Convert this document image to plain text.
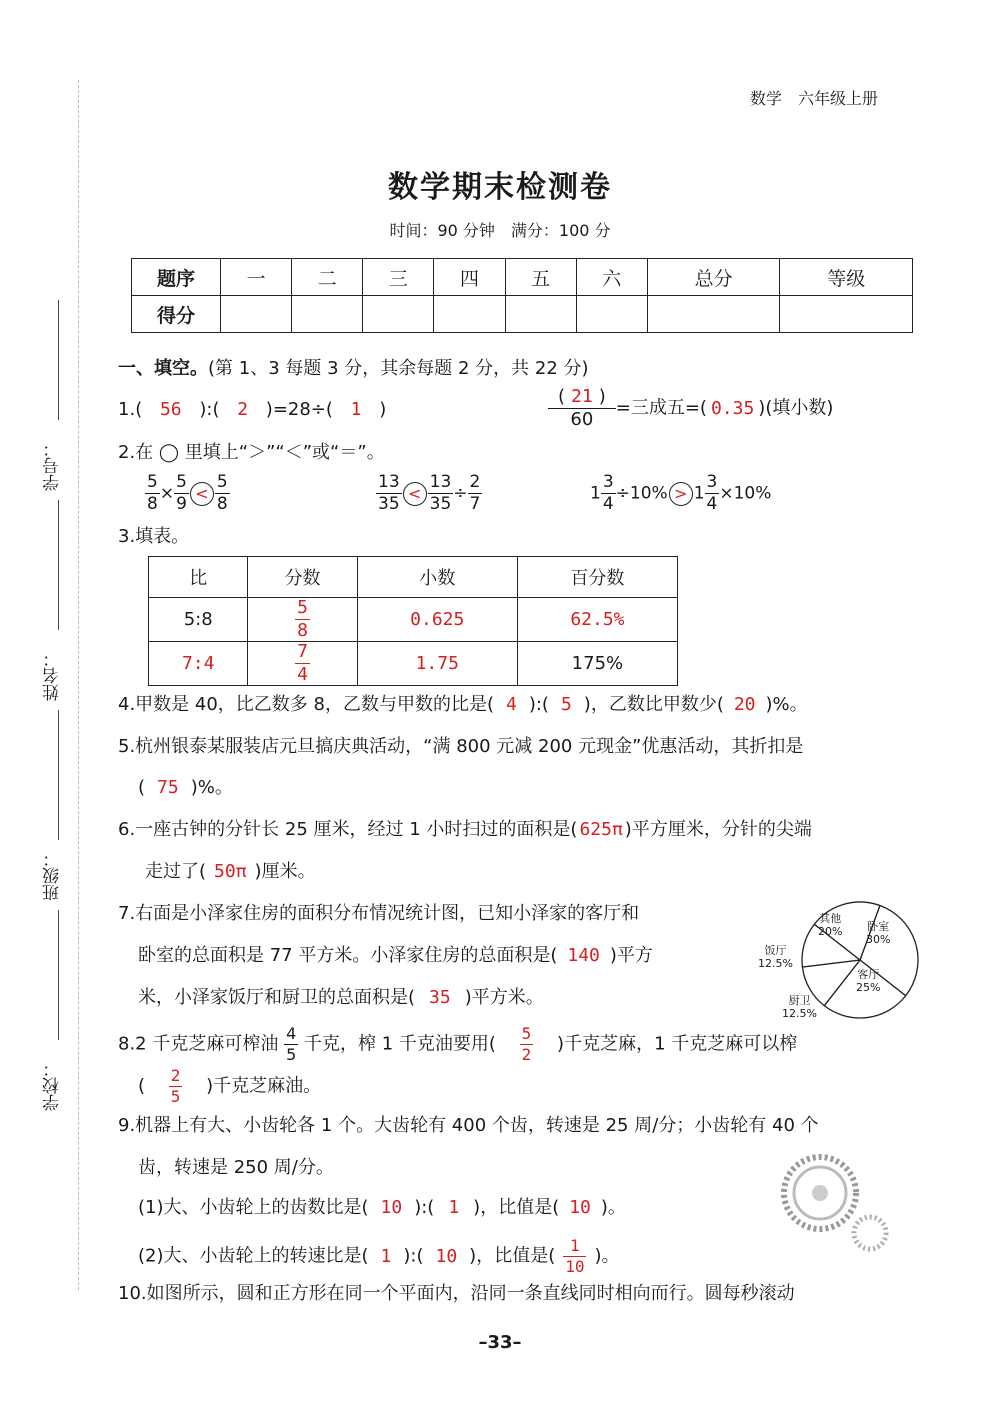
数学　 六年级上册
学号：
姓名：
班级：
学校：
数学期末检测卷
时间：90 分钟　满分：100 分
题序	一	二	三	四	五	六	总分	等级
得分								
一、填空。(第 1、3 每题 3 分，其余每题 2 分，共 22 分)
1.( 56 ):( 2 )=28÷( 1 )	$\frac{( 21 )}{60}$ =三成五=( 0.35 )(填小数)
2.在 ◯ 里填上“＞”“＜”或“＝”。
$\frac{5}{8} \times \frac{5}{9} < \frac{5}{8}$	$\frac{13}{35} < \frac{13}{35} \div \frac{2}{7}$	$1 \frac{3}{4} \div 10\% > 1 \frac{3}{4} \times 10\%$
3.填表。
比	分数	小数	百分数
5:8	$\frac{5}{8}$	0.625	62.5%
7:4	$\frac{7}{4}$	1.75	175%
4.甲数是 40，比乙数多 8，乙数与甲数的比是( 4 ):( 5 )，乙数比甲数少( 20 )%。
5.杭州银泰某服装店元旦搞庆典活动，“满 800 元减 200 元现金”优惠活动，其折扣是
( 75 )%。
6.一座古钟的分针长 25 厘米，经过 1 小时扫过的面积是( 625π )平方厘米，分针的尖端
走过了( 50π )厘米。
7.右面是小泽家住房的面积分布情况统计图，已知小泽家的客厅和
卧室的总面积是 77 平方米。小泽家住房的总面积是( 140 )平方
米，小泽家饭厅和厨卫的总面积是( 35 )平方米。
其他
20% 卧室
30%
客厅
25%
饭厅
12.5%
厨卫
12.5%
8.2 千克芝麻可榨油 $\frac{4}{5}$ 千克，榨 1 千克油要用( $\frac{5}{2}$ )千克芝麻，1 千克芝麻可以榨
( $\frac{2}{5}$ )千克芝麻油。
9.机器上有大、小齿轮各 1 个。大齿轮有 400 个齿，转速是 25 周/分；小齿轮有 40 个
齿，转速是 250 周/分。
(1)大、小齿轮上的齿数比是( 10 ):( 1 )，比值是( 10 )。
(2)大、小齿轮上的转速比是( 1 ):( 10 )，比值是( $\frac{1}{10}$ )。
10.如图所示，圆和正方形在同一个平面内，沿同一条直线同时相向而行。圆每秒滚动
–33–
